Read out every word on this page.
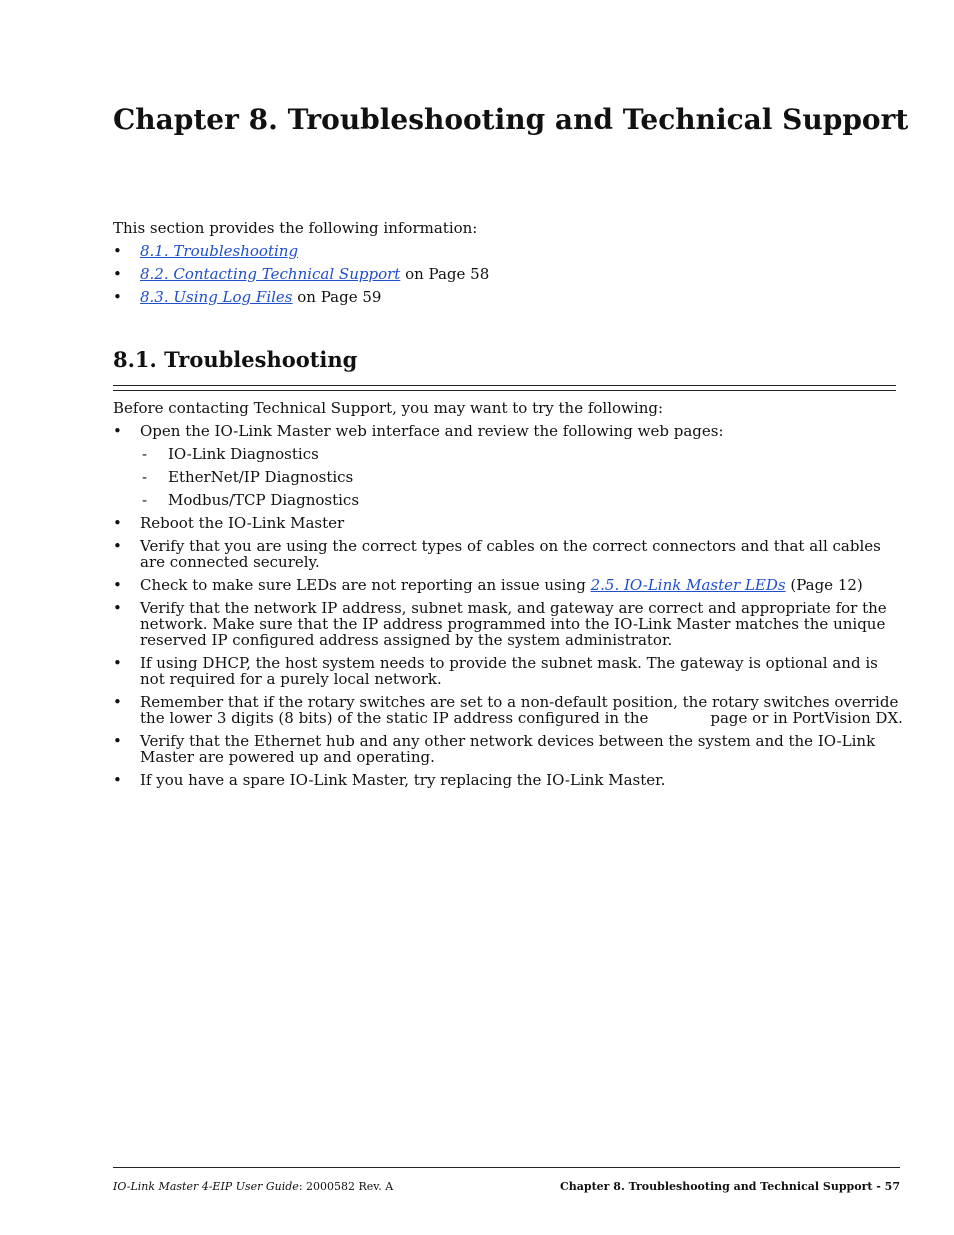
Chapter 8. Troubleshooting and Technical Support
This section provides the following information:
• 8.1. Troubleshooting
• 8.2. Contacting Technical Support on Page 58
• 8.3. Using Log Files on Page 59
8.1. Troubleshooting
Before contacting Technical Support, you may want to try the following:
• Open the IO-Link Master web interface and review the following web pages:
- IO-Link Diagnostics
- EtherNet/IP Diagnostics
- Modbus/TCP Diagnostics
• Reboot the IO-Link Master
• Verify that you are using the correct types of cables on the correct connectors and that all cables are connected securely.
• Check to make sure LEDs are not reporting an issue using 2.5. IO-Link Master LEDs (Page 12)
• Verify that the network IP address, subnet mask, and gateway are correct and appropriate for the network. Make sure that the IP address programmed into the IO-Link Master matches the unique reserved IP configured address assigned by the system administrator.
• If using DHCP, the host system needs to provide the subnet mask. The gateway is optional and is not required for a purely local network.
• Remember that if the rotary switches are set to a non-default position, the rotary switches override the lower 3 digits (8 bits) of the static IP address configured in the	page or in PortVision DX.
• Verify that the Ethernet hub and any other network devices between the system and the IO-Link Master are powered up and operating.
• If you have a spare IO-Link Master, try replacing the IO-Link Master.
IO-Link Master 4-EIP User Guide: 2000582 Rev. A	Chapter 8. Troubleshooting and Technical Support - 57
